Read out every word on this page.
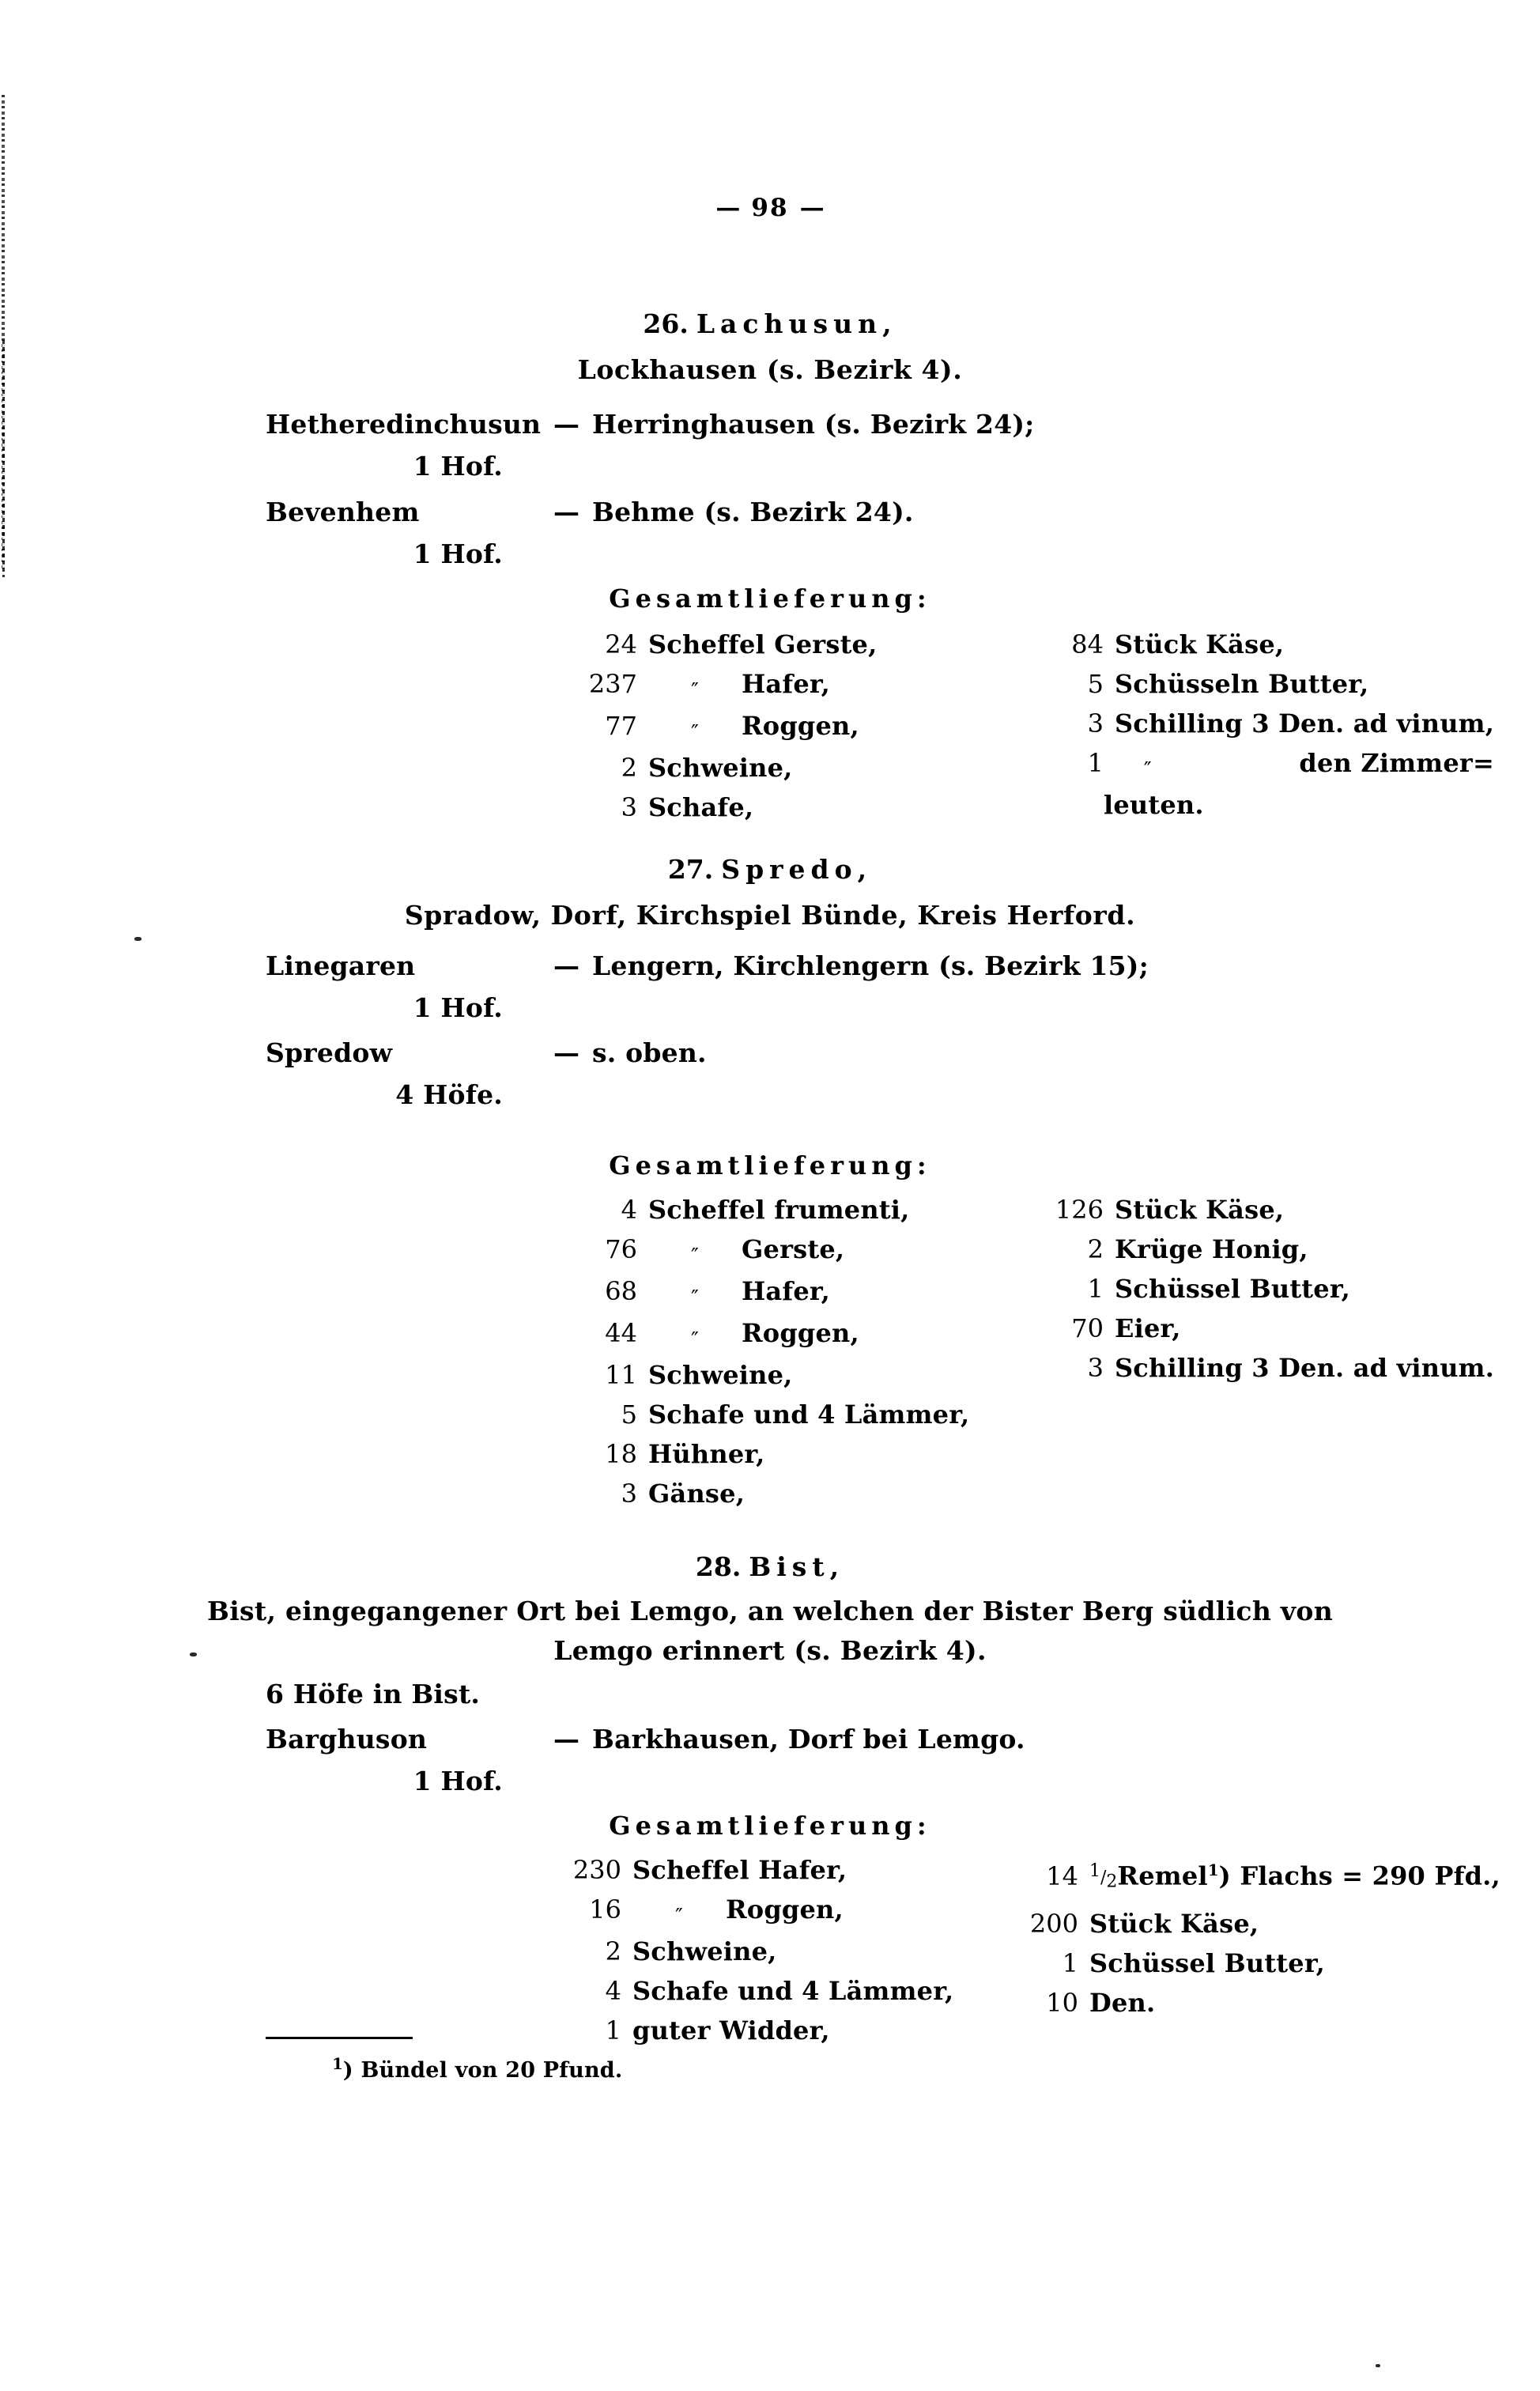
— 98 —
26. Lachusun,
Lockhausen (s. Bezirk 4).
Hetheredinchusun
1 Hof.
— Herringhausen (s. Bezirk 24);
Bevenhem
1 Hof.
— Behme (s. Bezirk 24).
Gesamtlieferung:
24 Scheffel Gerste,
237	″	Hafer,
77	″	Roggen,
2 Schweine,
3 Schafe,
84 Stück Käse,
5 Schüsseln Butter,
3 Schilling 3 Den. ad vinum,
1	″	den Zimmer=
leuten.
27. Spredo,
Spradow, Dorf, Kirchspiel Bünde, Kreis Herford.
Linegaren
1 Hof.
— Lengern, Kirchlengern (s. Bezirk 15);
Spredow
4 Höfe.
— s. oben.
Gesamtlieferung:
4 Scheffel frumenti,
76	″	Gerste,
68	″	Hafer,
44	″	Roggen,
11 Schweine,
5 Schafe und 4 Lämmer,
18 Hühner,
3 Gänse,
126 Stück Käse,
2 Krüge Honig,
1 Schüssel Butter,
70 Eier,
3 Schilling 3 Den. ad vinum.
28. Bist,
Bist, eingegangener Ort bei Lemgo, an welchen der Bister Berg südlich von
Lemgo erinnert (s. Bezirk 4).
6 Höfe in Bist.
Barghuson
1 Hof.
— Barkhausen, Dorf bei Lemgo.
Gesamtlieferung:
230 Scheffel Hafer,
16	″	Roggen,
2 Schweine,
4 Schafe und 4 Lämmer,
1 guter Widder,
14 $^1/_2$ Remel$^1$) Flachs = 290 Pfd.,
200 Stück Käse,
1 Schüssel Butter,
10 Den.
$^1$) Bündel von 20 Pfund.
